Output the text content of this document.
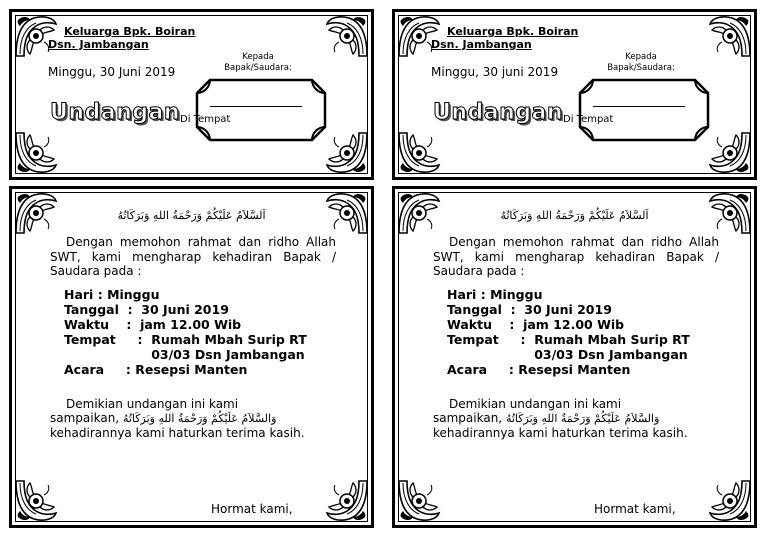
Keluarga Bpk. Boiran
Dsn. Jambangan
Minggu, 30 Juni 2019
Undangan
Kepada
Bapak/Saudara:
Di Tempat
Keluarga Bpk. Boiran
Dsn. Jambangan
Minggu, 30 juni 2019
Undangan
Kepada
Bapak/Saudara:
Di Tempat
اَلسَّلاَمُ عَلَيْكُمْ وَرَحْمَةُ اللهِ وَبَرَكَاتُهُ
Dengan memohon rahmat dan ridho Allah SWT, kami mengharap kehadiran Bapak / Saudara pada :
Hari : Minggu
Tanggal  : 30 Juni 2019
Waktu    : jam 12.00 Wib
Tempat     : Rumah Mbah Surip RT 03/03 Dsn Jambangan
Acara     : Resepsi Manten
Demikian undangan ini kami
sampaikan, وَالسَّلاَمُ عَلَيْكُمْ وَرَحْمَةُ اللهِ وَبَرَكَاتُهُ
kehadirannya kami haturkan terima kasih.
Hormat kami,
اَلسَّلاَمُ عَلَيْكُمْ وَرَحْمَةُ اللهِ وَبَرَكَاتُهُ
Dengan memohon rahmat dan ridho Allah SWT, kami mengharap kehadiran Bapak / Saudara pada :
Hari : Minggu
Tanggal  : 30 Juni 2019
Waktu    : jam 12.00 Wib
Tempat     : Rumah Mbah Surip RT 03/03 Dsn Jambangan
Acara     : Resepsi Manten
Demikian undangan ini kami
sampaikan, وَالسَّلاَمُ عَلَيْكُمْ وَرَحْمَةُ اللهِ وَبَرَكَاتُهُ
kehadirannya kami haturkan terima kasih.
Hormat kami,
